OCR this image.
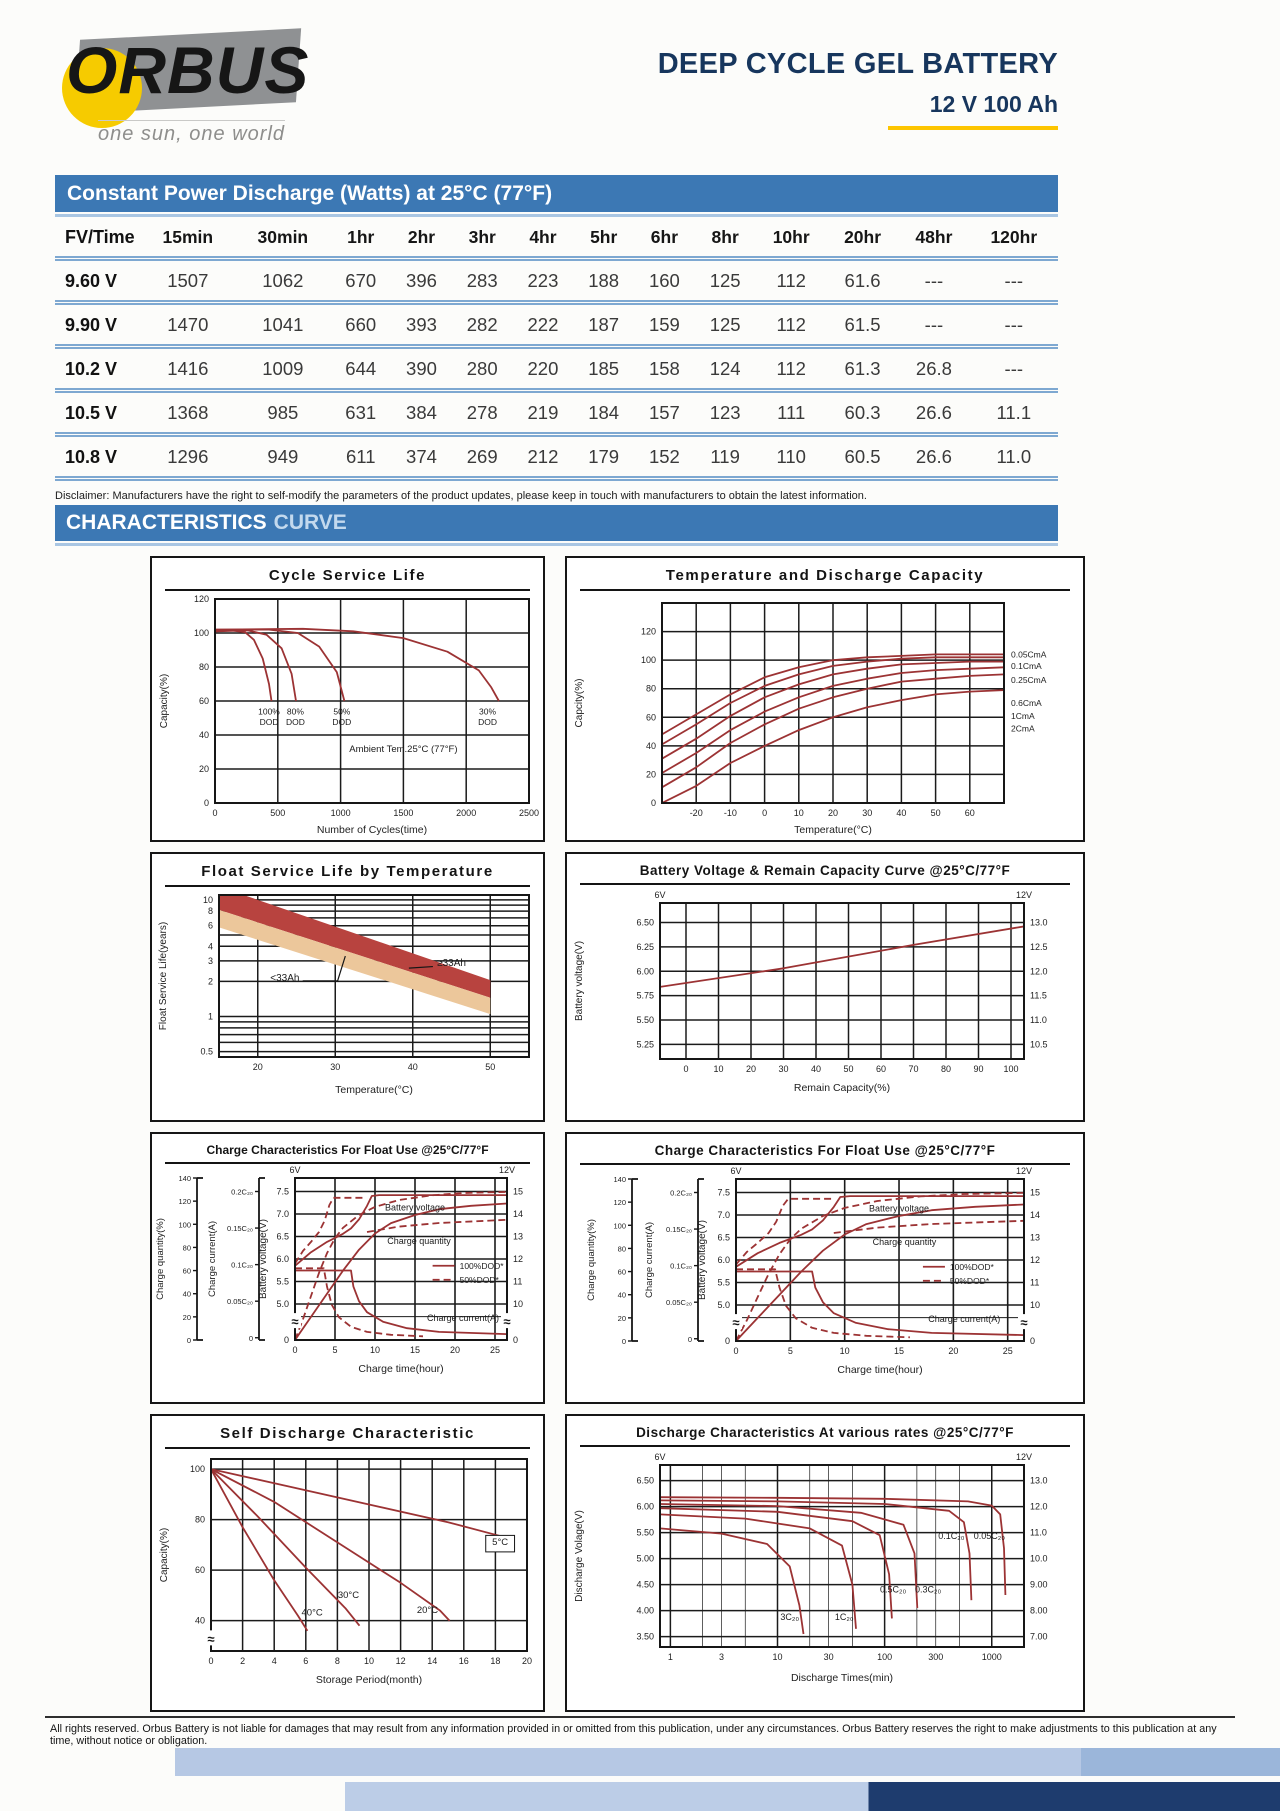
ORBUS
one sun, one world
DEEP CYCLE GEL BATTERY
12 V 100 Ah
Constant Power Discharge (Watts) at 25°C (77°F)
FV/Time	15min	30min	1hr	2hr	3hr	4hr	5hr	6hr	8hr	10hr	20hr	48hr	120hr
9.60 V	1507	1062	670	396	283	223	188	160	125	112	61.6	---	---
9.90 V	1470	1041	660	393	282	222	187	159	125	112	61.5	---	---
10.2 V	1416	1009	644	390	280	220	185	158	124	112	61.3	26.8	---
10.5 V	1368	985	631	384	278	219	184	157	123	111	60.3	26.6	11.1
10.8 V	1296	949	611	374	269	212	179	152	119	110	60.5	26.6	11.0
Disclaimer: Manufacturers have the right to self-modify the parameters of the product updates, please keep in touch with manufacturers to obtain the latest information.
CHARACTERISTICS CURVE
Cycle Service Life
0	500	1000	1500	2000	2500
0
20
40
60
80
100
120
Number of Cycles(time)
Capacity(%)	100% DOD
80% DOD
50% DOD
30% DOD
Ambient Tem.25°C (77°F)
Temperature and Discharge Capacity
-20 -10	0	10	20	30	40	50	60
0
20
40
60
80
100
120
Temperature(°C)
Capcity(%)
0.05CmA
0.1CmA
0.25CmA
0.6CmA
1CmA
2CmA
Float Service Life by Temperature
20	30	40	50
10
8
6
4
3
2
1
0.5
Temperature(°C)
Float Service Life(years)	<33Ah
≥33Ah
Battery Voltage & Remain Capacity Curve @25°C/77°F
0	10 20 30 40 50 60 70 80 90 100
6.50
6.25
6.00
5.75
5.50
5.25
13.0
12.5
12.0
11.5
11.0
10.5
Remain Capacity(%)
Battery voltage(V)
6V	12V
Charge Characteristics For Float Use @25°C/77°F
0	5	10	15	20	25
7.5
7.0
6.5
6.0
5.5
5.0
0
15
14
13
12
11
10
0
Charge time(hour)
Battery voltage(V)
6V	12V
140
120
100
80
60
40
20
0
Charge quantity(%)
0.2C₂₀
0.15C₂₀
0.1C₂₀
0.05C₂₀
0
Charge current(A)
≈	≈
Battery voltage
Charge quantity
Charge current(A)
100%DOD*
50%DOD*
Charge Characteristics For Float Use @25°C/77°F
0	5	10	15	20	25
7.5
7.0
6.5
6.0
5.5
5.0
0
15
14
13
12
11
10
0
Charge time(hour)
Battery voltage(V)
6V	12V
140
120
100
80
60
40
20
0
Charge quantity(%)
0.2C₂₀
0.15C₂₀
0.1C₂₀
0.05C₂₀
0
Charge current(A)
≈	≈
Battery voltage
Charge quantity
Charge current(A)
100%DOD*
50%DOD*
Self Discharge Characteristic
0	2	4	6	8	10 12 14 16 18 20
100
80
60
40
Storage Period(month)
Capacity(%)
≈
40°C
30°C
20°C
5°C
Discharge Characteristics At various rates @25°C/77°F
1	3	10	30	100	300	1000
6.50
6.00
5.50
5.00
4.50
4.00
3.50
13.0
12.0
11.0
10.0
9.00
8.00
7.00
Discharge Times(min)
Discharge Volage(V)
6V	12V
3C₂₀	1C₂₀
0.5C₂₀ 0.3C₂₀
0.1C₂₀ 0.05C₂₀
All rights reserved. Orbus Battery is not liable for damages that may result from any information provided in or omitted from this publication, under any circumstances. Orbus Battery reserves the right to make adjustments to this publication at any time, without notice or obligation.
